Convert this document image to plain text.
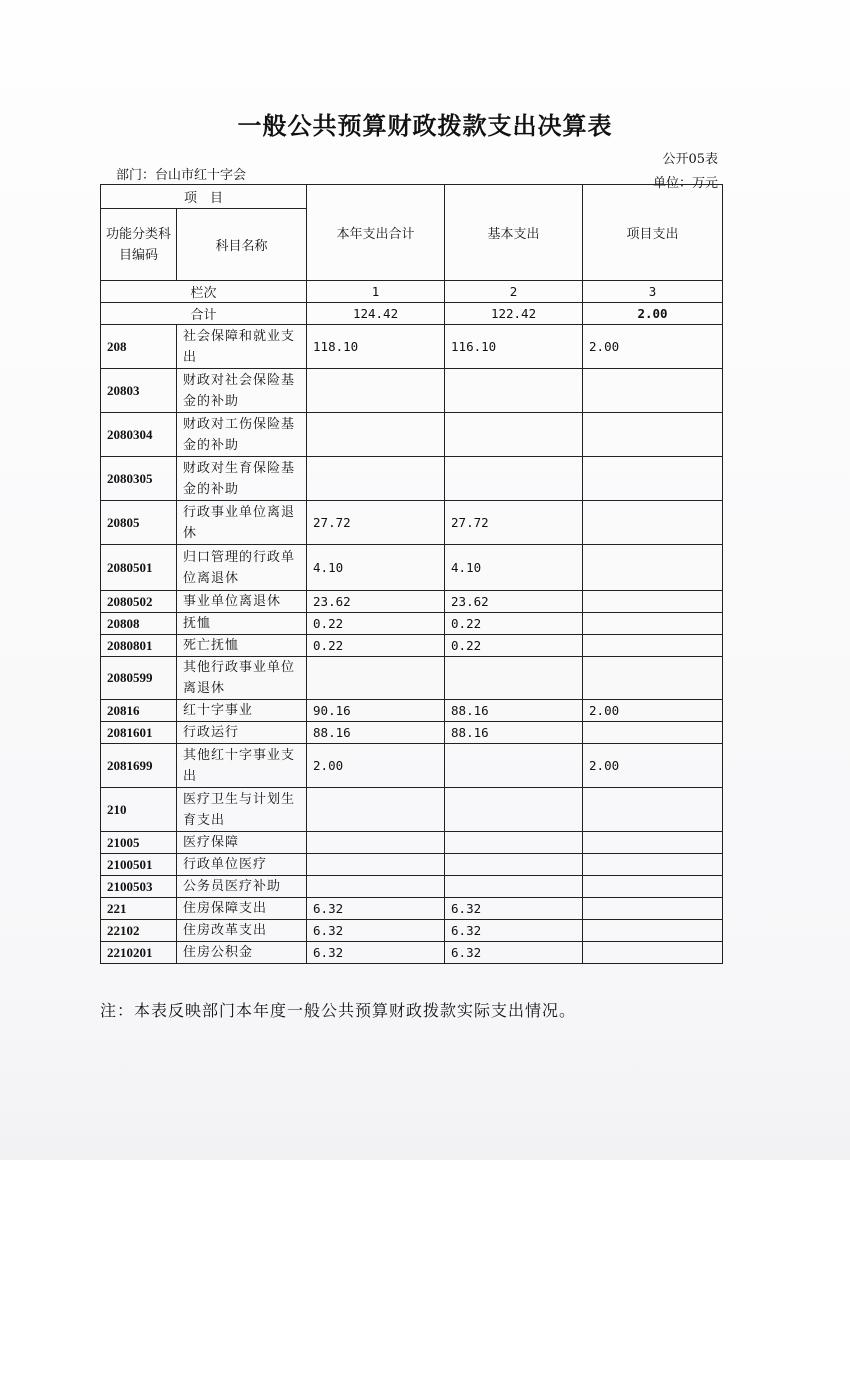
一般公共预算财政拨款支出决算表
公开05表
部门：台山市红十字会
单位：万元
项　目		本年支出合计	基本支出	项目支出
功能分类科目编码	科目名称			
栏次		1	2	3
合计		124.42	122.42	2.00
208	社会保障和就业支出	118.10	116.10	2.00
20803	财政对社会保险基金的补助			
2080304	财政对工伤保险基金的补助			
2080305	财政对生育保险基金的补助			
20805	行政事业单位离退休	27.72	27.72	
2080501	归口管理的行政单位离退休	4.10	4.10	
2080502	事业单位离退休	23.62	23.62	
20808	抚恤	0.22	0.22	
2080801	死亡抚恤	0.22	0.22	
2080599	其他行政事业单位离退休			
20816	红十字事业	90.16	88.16	2.00
2081601	行政运行	88.16	88.16	
2081699	其他红十字事业支出	2.00		2.00
210	医疗卫生与计划生育支出			
21005	医疗保障			
2100501	行政单位医疗			
2100503	公务员医疗补助			
221	住房保障支出	6.32	6.32	
22102	住房改革支出	6.32	6.32	
2210201	住房公积金	6.32	6.32	
注：本表反映部门本年度一般公共预算财政拨款实际支出情况。
